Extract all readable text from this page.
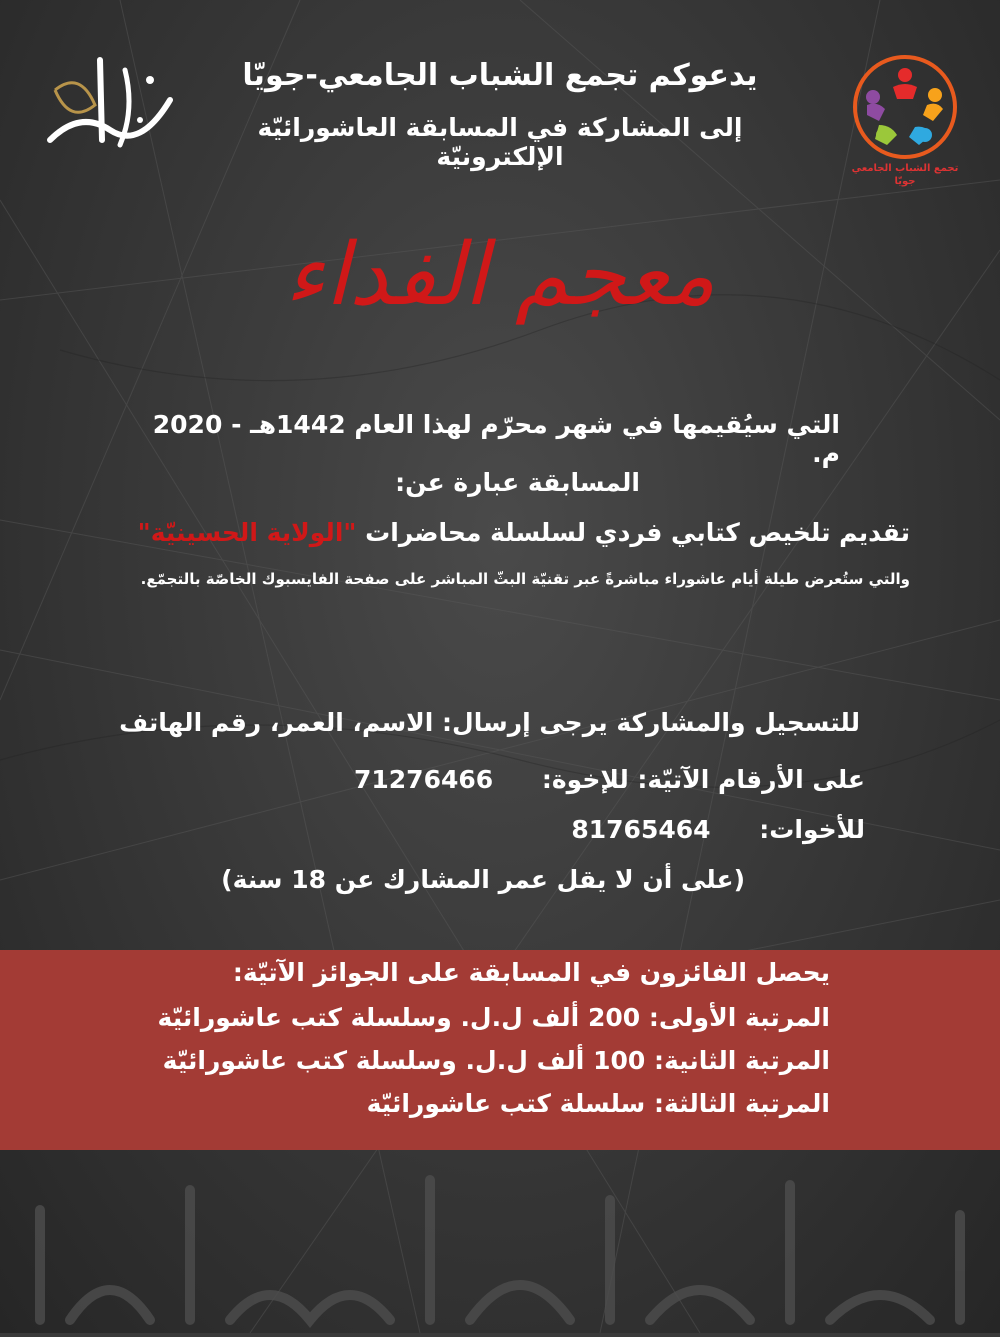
يدعوكم تجمع الشباب الجامعي-جويّا
إلى المشاركة في المسابقة العاشورائيّة الإلكترونيّة	تجمع الشباب الجامعي
جويّا
معجم الفداء
التي سيُقيمها في شهر محرّم لهذا العام 1442هـ - 2020 م.
المسابقة عبارة عن:
تقديم تلخيص كتابي فردي لسلسلة محاضرات "الولاية الحسينيّة"
والتي ستُعرض طيلة أيام عاشوراء مباشرةً عبر تقنيّة البثّ المباشر على صفحة الفايسبوك الخاصّة بالتجمّع.
للتسجيل والمشاركة يرجى إرسال: الاسم، العمر، رقم الهاتف
على الأرقام الآتيّة: للإخوة: 71276466
للأخوات: 81765464
(على أن لا يقل عمر المشارك عن 18 سنة)
يحصل الفائزون في المسابقة على الجوائز الآتيّة:
المرتبة الأولى: 200 ألف ل.ل. وسلسلة كتب عاشورائيّة
المرتبة الثانية: 100 ألف ل.ل. وسلسلة كتب عاشورائيّة
المرتبة الثالثة: سلسلة كتب عاشورائيّة
